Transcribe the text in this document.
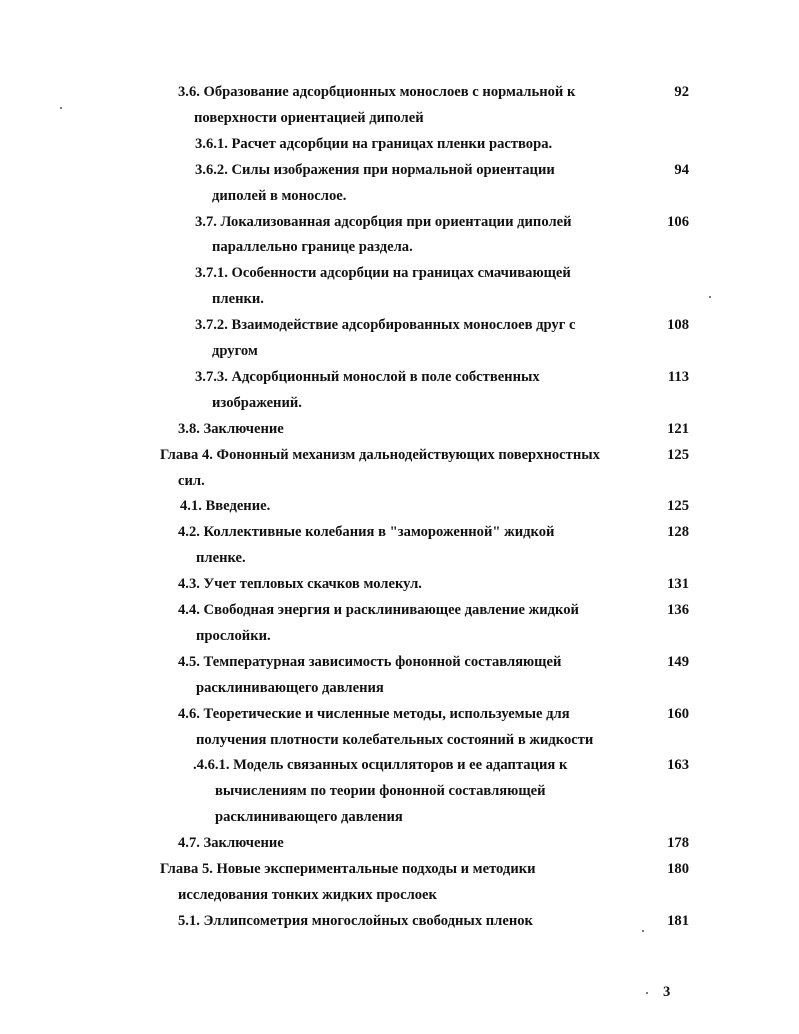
3.6. Образование адсорбционных монослоев с нормальной к	92
поверхности ориентацией диполей
3.6.1. Расчет адсорбции на границах пленки раствора.
3.6.2. Силы изображения при нормальной ориентации	94
диполей в монослое.
3.7. Локализованная адсорбция при ориентации диполей	106
параллельно границе раздела.
3.7.1. Особенности адсорбции на границах смачивающей
пленки.
3.7.2. Взаимодействие адсорбированных монослоев друг с	108
другом
3.7.3. Адсорбционный монослой в поле собственных	113
изображений.
3.8. Заключение	121
Глава 4. Фононный механизм дальнодействующих поверхностных	125
сил.
4.1. Введение.	125
4.2. Коллективные колебания в "замороженной" жидкой	128
пленке.
4.3. Учет тепловых скачков молекул.	131
4.4. Свободная энергия и расклинивающее давление жидкой	136
прослойки.
4.5. Температурная зависимость фононной составляющей	149
расклинивающего давления
4.6. Теоретические и численные методы, используемые для	160
получения плотности колебательных состояний в жидкости
.4.6.1. Модель связанных осцилляторов и ее адаптация к	163
вычислениям по теории фононной составляющей
расклинивающего давления
4.7. Заключение	178
Глава 5. Новые экспериментальные подходы и методики	180
исследования тонких жидких прослоек
5.1. Эллипсометрия многослойных свободных пленок	181
3
